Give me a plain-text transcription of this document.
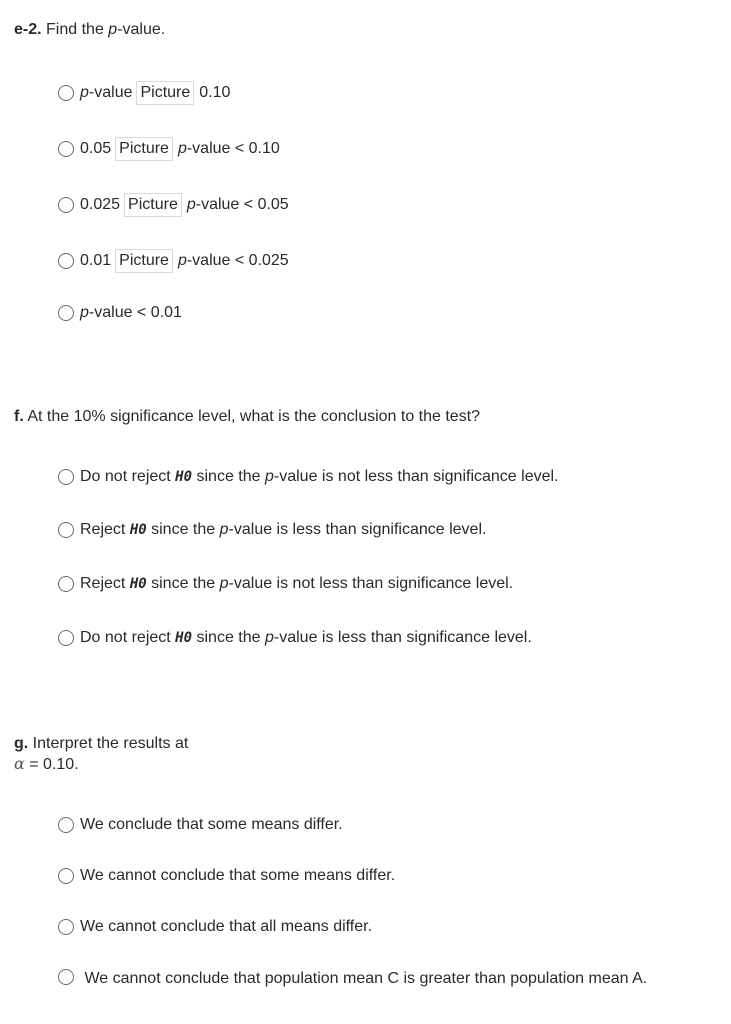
e-2. Find the p-value.
p -value Picture 0.10
0.05 Picture p -value < 0.10
0.025 Picture p -value < 0.05
0.01 Picture p -value < 0.025
p -value < 0.01
f. At the 10% significance level, what is the conclusion to the test?
Do not reject
H0
since the
p -value is not less than significance level.
Reject
H0
since the
p -value is less than significance level.
Reject
H0
since the
p -value is not less than significance level.
Do not reject
H0
since the
p -value is less than significance level.
g. Interpret the results at
α = 0.10.
We conclude that some means differ.
We cannot conclude that some means differ.
We cannot conclude that all means differ.
We cannot conclude that population mean C is greater than population mean A.
